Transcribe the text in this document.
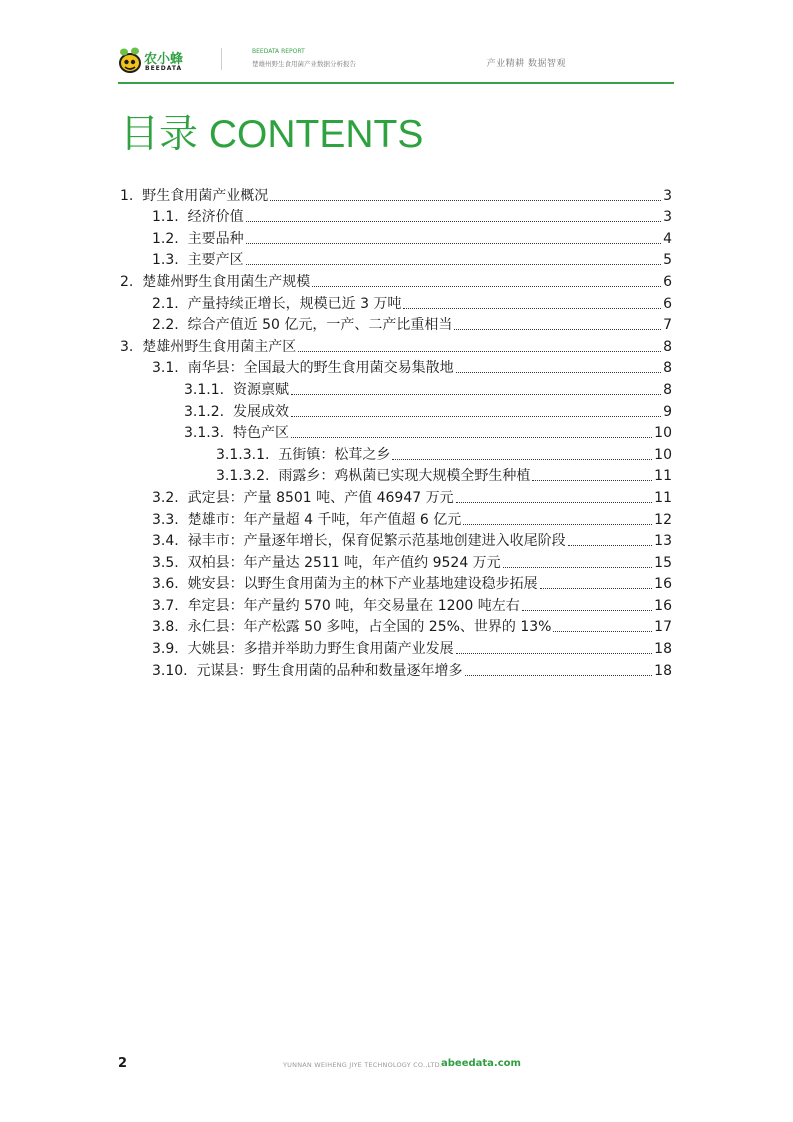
农小蜂
BEEDATA
BEEDATA REPORT
楚雄州野生食用菌产业数据分析报告	产业精耕 数据智观
目录 CONTENTS
1. 野生食用菌产业概况	3
1.1. 经济价值	3
1.2. 主要品种	4
1.3. 主要产区	5
2. 楚雄州野生食用菌生产规模	6
2.1. 产量持续正增长，规模已近 3 万吨	6
2.2. 综合产值近 50 亿元，一产、二产比重相当	7
3. 楚雄州野生食用菌主产区	8
3.1. 南华县：全国最大的野生食用菌交易集散地	8
3.1.1. 资源禀赋	8
3.1.2. 发展成效	9
3.1.3. 特色产区	10
3.1.3.1. 五街镇：松茸之乡	10
3.1.3.2. 雨露乡：鸡枞菌已实现大规模全野生种植	11
3.2. 武定县：产量 8501 吨、产值 46947 万元	11
3.3. 楚雄市：年产量超 4 千吨，年产值超 6 亿元	12
3.4. 禄丰市：产量逐年增长，保育促繁示范基地创建进入收尾阶段	13
3.5. 双柏县：年产量达 2511 吨，年产值约 9524 万元	15
3.6. 姚安县：以野生食用菌为主的林下产业基地建设稳步拓展	16
3.7. 牟定县：年产量约 570 吨，年交易量在 1200 吨左右	16
3.8. 永仁县：年产松露 50 多吨，占全国的 25%、世界的 13%	17
3.9. 大姚县：多措并举助力野生食用菌产业发展	18
3.10. 元谋县：野生食用菌的品种和数量逐年增多	18
2	YUNNAN WEIHENG JIYE TECHNOLOGY CO.,LTD.
abeedata.com
